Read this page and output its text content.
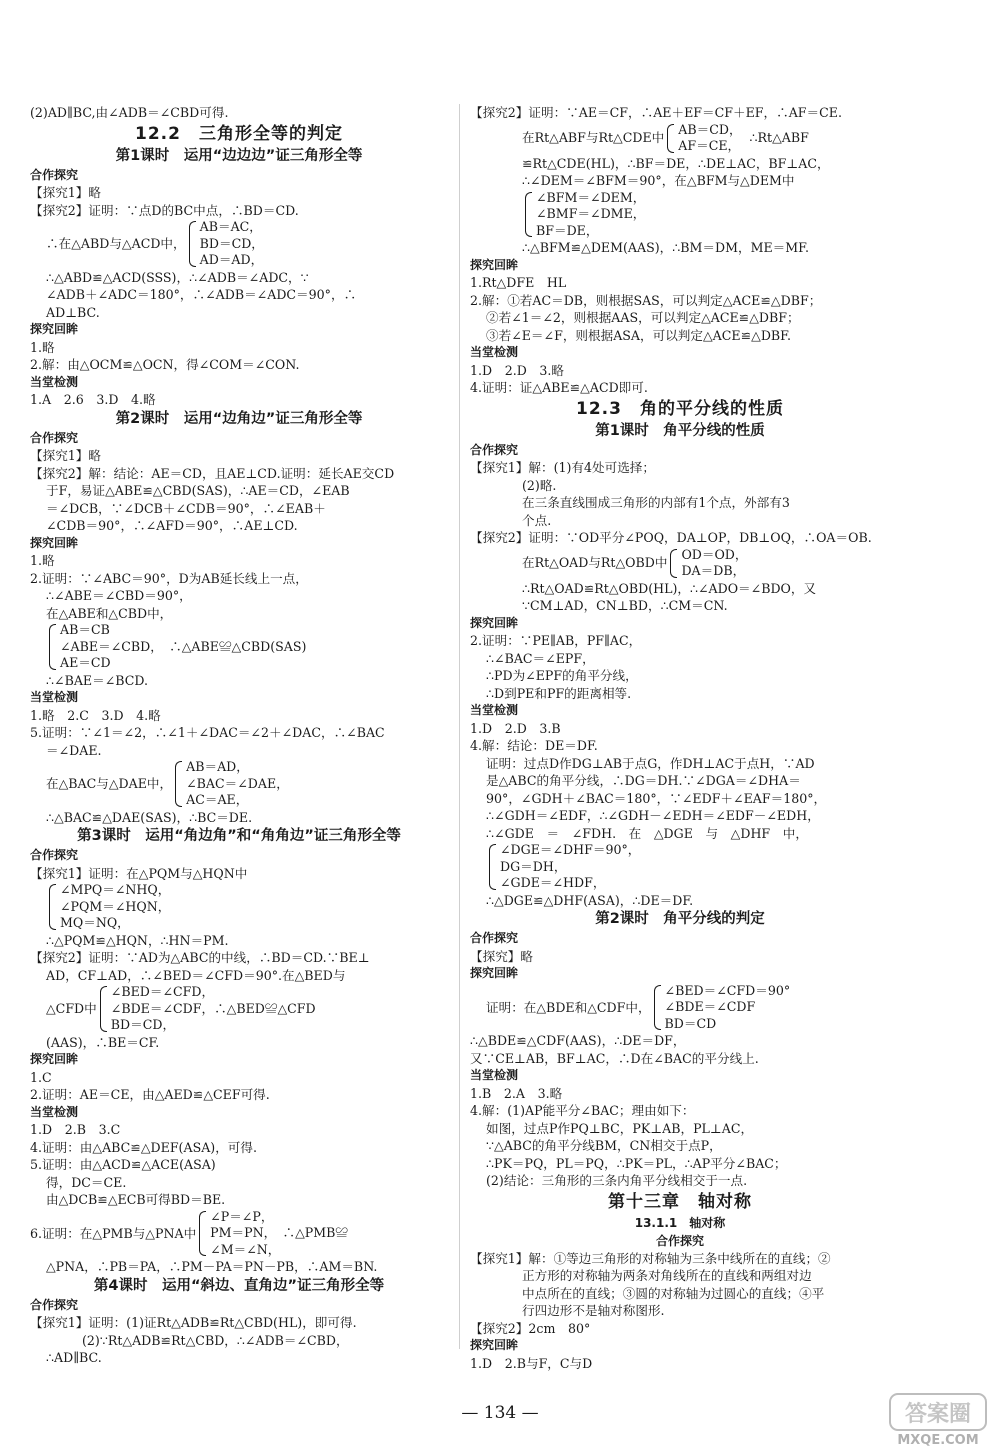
(2)AD∥BC,由∠ADB＝∠CBD可得.
12.2　三角形全等的判定
第1课时　运用“边边边”证三角形全等
合作探究
【探究1】略
【探究2】证明：∵点D的BC中点，∴BD＝CD.
∴在△ABD与△ACD中，
AB＝AC，
BD＝CD，
AD＝AD，
∴△ABD≌△ACD(SSS)，∴∠ADB＝∠ADC，∵
∠ADB＋∠ADC＝180°，∴∠ADB＝∠ADC＝90°，∴
AD⊥BC.
探究回眸
1.略
2.解：由△OCM≌△OCN，得∠COM＝∠CON.
当堂检测
1.A　2.6　3.D　4.略
第2课时　运用“边角边”证三角形全等
合作探究
【探究1】略
【探究2】解：结论：AE＝CD，且AE⊥CD.证明：延长AE交CD
于F，易证△ABE≌△CBD(SAS)，∴AE＝CD，∠EAB
＝∠DCB，∵∠DCB＋∠CDB＝90°，∴∠EAB＋
∠CDB＝90°，∴∠AFD＝90°，∴AE⊥CD.
探究回眸
1.略
2.证明：∵∠ABC＝90°，D为AB延长线上一点，
∴∠ABE＝∠CBD＝90°，
在△ABE和△CBD中，
AB＝CB
∠ABE＝∠CBD，　∴△ABE≌△CBD(SAS)
AE＝CD
∴∠BAE＝∠BCD.
当堂检测
1.略　2.C　3.D　4.略
5.证明：∵∠1＝∠2，∴∠1＋∠DAC＝∠2＋∠DAC，∴∠BAC
＝∠DAE.
在△BAC与△DAE中，
AB＝AD，
∠BAC＝∠DAE，
AC＝AE，
∴△BAC≌△DAE(SAS)，∴BC＝DE.
第3课时　运用“角边角”和“角角边”证三角形全等
合作探究
【探究1】证明：在△PQM与△HQN中
∠MPQ＝∠NHQ，
∠PQM＝∠HQN，
MQ＝NQ，
∴△PQM≌△HQN，∴HN＝PM.
【探究2】证明：∵AD为△ABC的中线，∴BD＝CD.∵BE⊥
AD，CF⊥AD，∴∠BED＝∠CFD＝90°.在△BED与
△CFD中
∠BED＝∠CFD，
∠BDE＝∠CDF，∴△BED≌△CFD
BD＝CD，
(AAS)，∴BE＝CF.
探究回眸
1.C
2.证明：AE＝CE，由△AED≌△CEF可得.
当堂检测
1.D　2.B　3.C
4.证明：由△ABC≌△DEF(ASA)，可得.
5.证明：由△ACD≌△ACE(ASA)
得，DC＝CE.
由△DCB≌△ECB可得BD＝BE.
6.证明：在△PMB与△PNA中
∠P＝∠P，
PM＝PN，　∴△PMB≌
∠M＝∠N，
△PNA，∴PB＝PA，∴PM－PA＝PN－PB，∴AM＝BN.
第4课时　运用“斜边、直角边”证三角形全等
合作探究
【探究1】证明：(1)证Rt△ADB≌Rt△CBD(HL)，即可得.
(2)∵Rt△ADB≌Rt△CBD，∴∠ADB＝∠CBD，
∴AD∥BC.
【探究2】证明：∵AE＝CF，∴AE＋EF＝CF＋EF，∴AF＝CE.
在Rt△ABF与Rt△CDE中
AB＝CD，
AF＝CE，
∴Rt△ABF
≌Rt△CDE(HL)，∴BF＝DE，∴DE⊥AC，BF⊥AC，
∴∠DEM＝∠BFM＝90°，在△BFM与△DEM中
∠BFM＝∠DEM，
∠BMF＝∠DME，
BF＝DE，
∴△BFM≌△DEM(AAS)，∴BM＝DM，ME＝MF.
探究回眸
1.Rt△DFE　HL
2.解：①若AC＝DB，则根据SAS，可以判定△ACE≌△DBF；
②若∠1＝∠2，则根据AAS，可以判定△ACE≌△DBF；
③若∠E＝∠F，则根据ASA，可以判定△ACE≌△DBF.
当堂检测
1.D　2.D　3.略
4.证明：证△ABE≌△ACD即可.
12.3　角的平分线的性质
第1课时　角平分线的性质
合作探究
【探究1】解：(1)有4处可选择；
(2)略.
在三条直线围成三角形的内部有1个点，外部有3
个点.
【探究2】证明：∵OD平分∠POQ，DA⊥OP，DB⊥OQ，∴OA＝OB.
在Rt△OAD与Rt△OBD中
OD＝OD，
DA＝DB，
∴Rt△OAD≌Rt△OBD(HL)，∴∠ADO＝∠BDO，又
∵CM⊥AD，CN⊥BD，∴CM＝CN.
探究回眸
2.证明：∵PE∥AB，PF∥AC，
∴∠BAC＝∠EPF，
∴PD为∠EPF的角平分线，
∴D到PE和PF的距离相等.
当堂检测
1.D　2.D　3.B
4.解：结论：DE＝DF.
证明：过点D作DG⊥AB于点G，作DH⊥AC于点H，∵AD
是△ABC的角平分线，∴DG＝DH.∵∠DGA＝∠DHA＝
90°，∠GDH＋∠BAC＝180°，∵∠EDF＋∠EAF＝180°，
∴∠GDH＝∠EDF，∴∠GDH－∠EDH＝∠EDF－∠EDH，
∴∠GDE　＝　∠FDH.　在　△DGE　与　△DHF　中，
∠DGE＝∠DHF＝90°，
DG＝DH，
∠GDE＝∠HDF，
∴△DGE≌△DHF(ASA)，∴DE＝DF.
第2课时　角平分线的判定
合作探究
【探究】略
探究回眸
证明：在△BDE和△CDF中，
∠BED＝∠CFD＝90°
∠BDE＝∠CDF
BD＝CD
∴△BDE≌△CDF(AAS)，∴DE＝DF，
又∵CE⊥AB，BF⊥AC，∴D在∠BAC的平分线上.
当堂检测
1.B　2.A　3.略
4.解：(1)AP能平分∠BAC；理由如下：
如图，过点P作PQ⊥BC，PK⊥AB，PL⊥AC，
∵△ABC的角平分线BM，CN相交于点P，
∴PK＝PQ，PL＝PQ，∴PK＝PL，∴AP平分∠BAC；
(2)结论：三角形的三条内角平分线相交于一点.
第十三章　轴对称
13.1.1　轴对称
合作探究
【探究1】解：①等边三角形的对称轴为三条中线所在的直线；②
正方形的对称轴为两条对角线所在的直线和两组对边
中点所在的直线；③圆的对称轴为过圆心的直线；④平
行四边形不是轴对称图形.
【探究2】2cm　80°
探究回眸
1.D　2.B与F，C与D
— 134 —	答案圈
MXQE.COM
